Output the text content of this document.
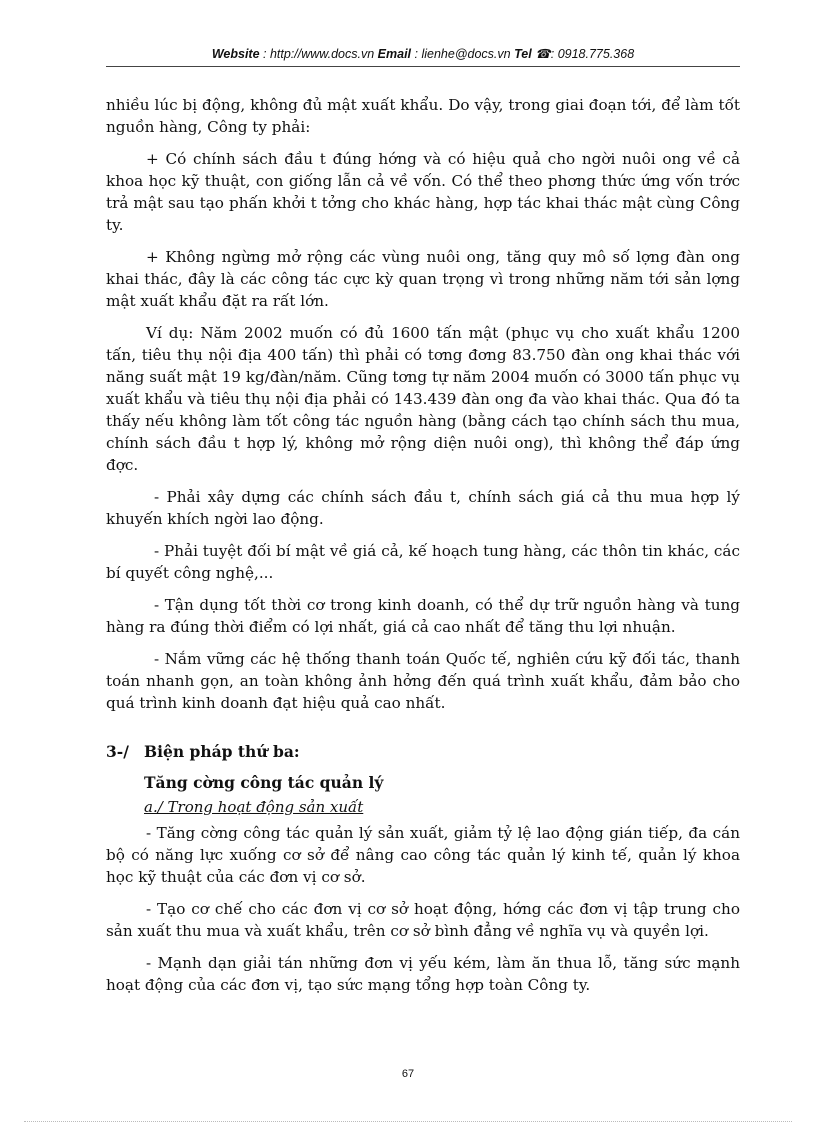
Website : http://www.docs.vn Email : lienhe@docs.vn Tel ☎: 0918.775.368

nhiều lúc bị động, không đủ mật xuất khẩu. Do vậy, trong giai đoạn tới, để làm tốt nguồn hàng, Công ty phải:

+ Có chính sách đầu t đúng hớng và có hiệu quả cho ngời nuôi ong về cả khoa học kỹ thuật, con giống lẫn cả về vốn. Có thể theo phơng thức ứng vốn trớc trả mật sau tạo phấn khởi t tởng cho khác hàng, hợp tác khai thác mật cùng Công ty.

+ Không ngừng mở rộng các vùng nuôi ong, tăng quy mô số lợng đàn ong khai thác, đây là các công tác cực kỳ quan trọng vì trong những năm tới sản lợng mật xuất khẩu đặt ra rất lớn.

Ví dụ: Năm 2002 muốn có đủ 1600 tấn mật (phục vụ cho xuất khẩu 1200 tấn, tiêu thụ nội địa 400 tấn) thì phải có tơng đơng 83.750 đàn ong khai thác với năng suất mật 19 kg/đàn/năm. Cũng tơng tự năm 2004 muốn có 3000 tấn phục vụ xuất khẩu và tiêu thụ nội địa phải có 143.439 đàn ong đa vào khai thác. Qua đó ta thấy nếu không làm tốt công tác nguồn hàng (bằng cách tạo chính sách thu mua, chính sách đầu t hợp lý, không mở rộng diện nuôi ong), thì không thể đáp ứng đợc.

- Phải xây dựng các chính sách đầu t, chính sách giá cả thu mua hợp lý khuyến khích ngời lao động.

- Phải tuyệt đối bí mật về giá cả, kế hoạch tung hàng, các thôn tin khác, các bí quyết công nghệ,...

- Tận dụng tốt thời cơ trong kinh doanh, có thể dự trữ nguồn hàng và tung hàng ra đúng thời điểm có lợi nhất, giá cả cao nhất để tăng thu lợi nhuận.

- Nắm vững các hệ thống thanh toán Quốc tế, nghiên cứu kỹ đối tác, thanh toán nhanh gọn, an toàn không ảnh hởng đến quá trình xuất khẩu, đảm bảo cho quá trình kinh doanh đạt hiệu quả cao nhất.

3-/ Biện pháp thứ ba:
Tăng cờng công tác quản lý
a./ Trong hoạt động sản xuất

- Tăng cờng công tác quản lý sản xuất, giảm tỷ lệ lao động gián tiếp, đa cán bộ có năng lực xuống cơ sở để nâng cao công tác quản lý kinh tế, quản lý khoa học kỹ thuật của các đơn vị cơ sở.

- Tạo cơ chế cho các đơn vị cơ sở hoạt động, hớng các đơn vị tập trung cho sản xuất thu mua và xuất khẩu, trên cơ sở bình đẳng về nghĩa vụ và quyền lợi.

- Mạnh dạn giải tán những đơn vị yếu kém, làm ăn thua lỗ, tăng sức mạnh hoạt động của các đơn vị, tạo sức mạng tổng hợp toàn Công ty.

67
